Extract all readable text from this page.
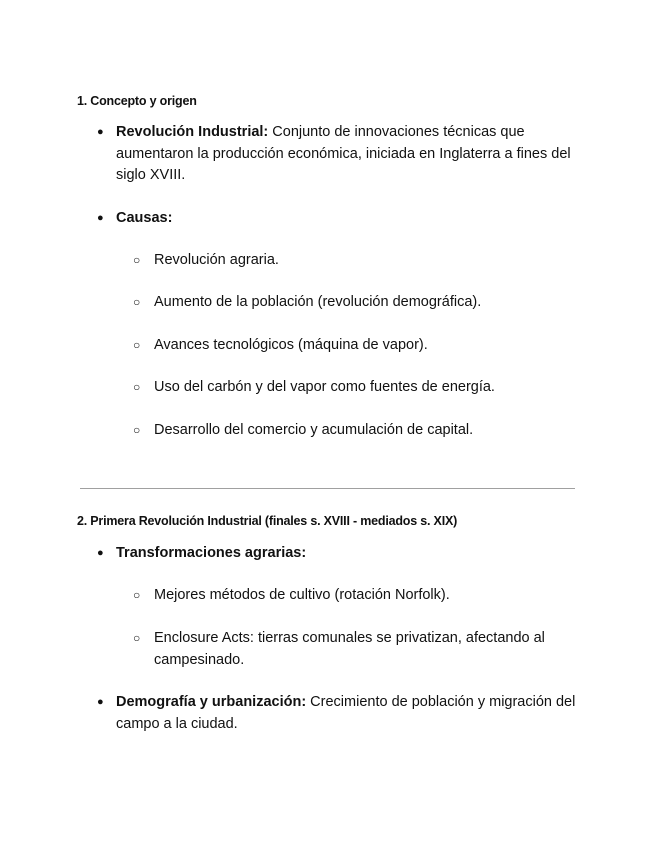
1. Concepto y origen

● Revolución Industrial: Conjunto de innovaciones técnicas que aumentaron la producción económica, iniciada en Inglaterra a fines del siglo XVIII.

● Causas:

○ Revolución agraria.

○ Aumento de la población (revolución demográfica).

○ Avances tecnológicos (máquina de vapor).

○ Uso del carbón y del vapor como fuentes de energía.

○ Desarrollo del comercio y acumulación de capital.

2. Primera Revolución Industrial (finales s. XVIII - mediados s. XIX)

● Transformaciones agrarias:

○ Mejores métodos de cultivo (rotación Norfolk).

○ Enclosure Acts: tierras comunales se privatizan, afectando al campesinado.

● Demografía y urbanización: Crecimiento de población y migración del campo a la ciudad.
